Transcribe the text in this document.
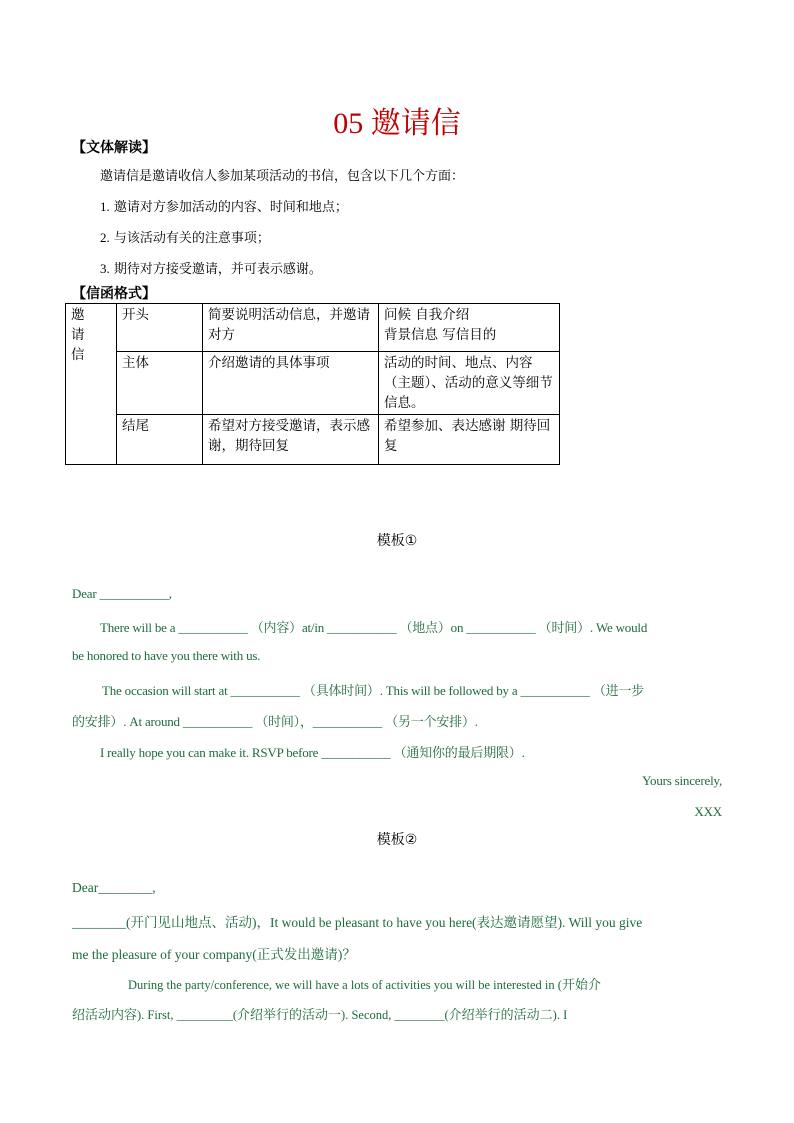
05 邀请信
【文体解读】
邀请信是邀请收信人参加某项活动的书信，包含以下几个方面：
1. 邀请对方参加活动的内容、时间和地点；
2. 与该活动有关的注意事项；
3. 期待对方接受邀请，并可表示感谢。
【信函格式】
邀
请
信	开头	简要说明活动信息，并邀请对方	问候 自我介绍
背景信息 写信目的
	主体	介绍邀请的具体事项	活动的时间、地点、内容（主题）、活动的意义等细节信息。
	结尾	希望对方接受邀请，表示感谢，期待回复	希望参加、表达感谢 期待回复
模板①
Dear ___________,
There will be a ___________ （内容）at/in ___________ （地点）on ___________ （时间）. We would
be honored to have you there with us.
The occasion will start at ___________ （具体时间）. This will be followed by a ___________ （进一步
的安排）. At around ___________ （时间），___________ （另一个安排）.
I really hope you can make it. RSVP before ___________ （通知你的最后期限）.
Yours sincerely,
XXX
模板②
Dear________,
________(开门见山地点、活动)，It would be pleasant to have you here(表达邀请愿望). Will you give
me the pleasure of your company(正式发出邀请)？
During the party/conference, we will have a lots of activities you will be interested in (开始介
绍活动内容). First, _________(介绍举行的活动一). Second, ________(介绍举行的活动二). I
